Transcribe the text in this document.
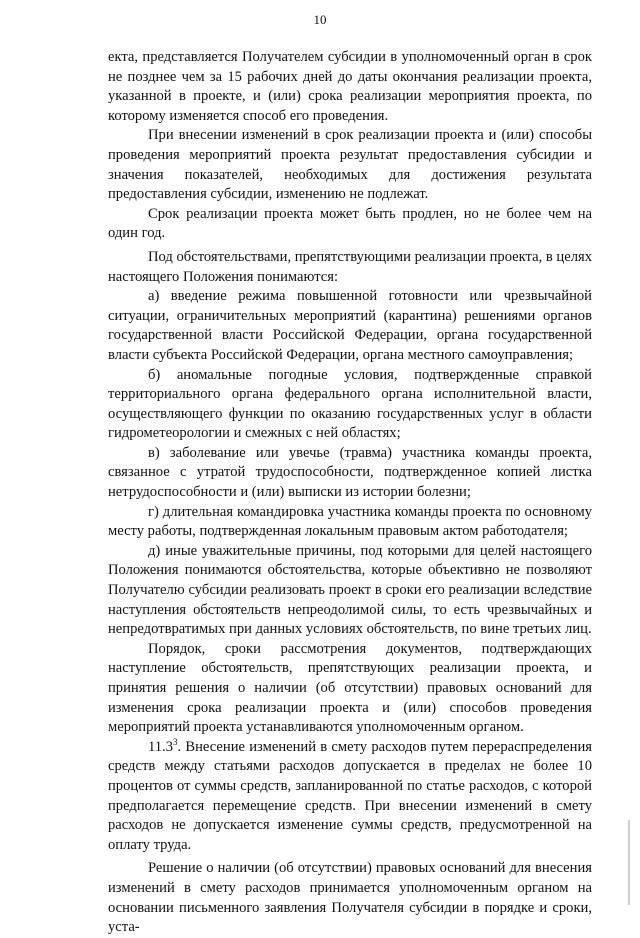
10

екта, представляется Получателем субсидии в уполномоченный орган в срок не позднее чем за 15 рабочих дней до даты окончания реализации проекта, указанной в проекте, и (или) срока реализации мероприятия проекта, по которому изменяется способ его проведения.

При внесении изменений в срок реализации проекта и (или) способы проведения мероприятий проекта результат предоставления субсидии и значения показателей, необходимых для достижения результата предоставления субсидии, изменению не подлежат.

Срок реализации проекта может быть продлен, но не более чем на один год.

Под обстоятельствами, препятствующими реализации проекта, в целях настоящего Положения понимаются:

а) введение режима повышенной готовности или чрезвычайной ситуации, ограничительных мероприятий (карантина) решениями органов государственной власти Российской Федерации, органа государственной власти субъекта Российской Федерации, органа местного самоуправления;

б) аномальные погодные условия, подтвержденные справкой территориального органа федерального органа исполнительной власти, осуществляющего функции по оказанию государственных услуг в области гидрометеорологии и смежных с ней областях;

в) заболевание или увечье (травма) участника команды проекта, связанное с утратой трудоспособности, подтвержденное копией листка нетрудоспособности и (или) выписки из истории болезни;

г) длительная командировка участника команды проекта по основному месту работы, подтвержденная локальным правовым актом работодателя;

д) иные уважительные причины, под которыми для целей настоящего Положения понимаются обстоятельства, которые объективно не позволяют Получателю субсидии реализовать проект в сроки его реализации вследствие наступления обстоятельств непреодолимой силы, то есть чрезвычайных и непредотвратимых при данных условиях обстоятельств, по вине третьих лиц.

Порядок, сроки рассмотрения документов, подтверждающих наступление обстоятельств, препятствующих реализации проекта, и принятия решения о наличии (об отсутствии) правовых оснований для изменения срока реализации проекта и (или) способов проведения мероприятий проекта устанавливаются уполномоченным органом.

11.3$^3$. Внесение изменений в смету расходов путем перераспределения средств между статьями расходов допускается в пределах не более 10 процентов от суммы средств, запланированной по статье расходов, с которой предполагается перемещение средств. При внесении изменений в смету расходов не допускается изменение суммы средств, предусмотренной на оплату труда.

Решение о наличии (об отсутствии) правовых оснований для внесения изменений в смету расходов принимается уполномоченным органом на основании письменного заявления Получателя субсидии в порядке и сроки, уста-
